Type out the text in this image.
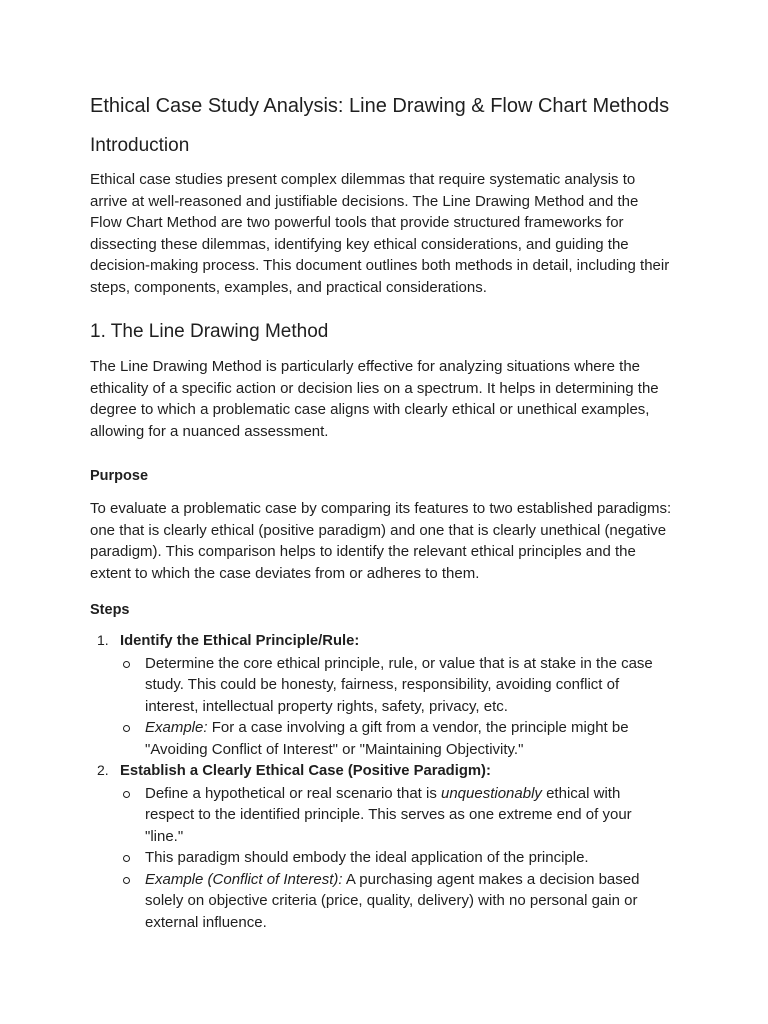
Ethical Case Study Analysis: Line Drawing & Flow Chart Methods
Introduction

Ethical case studies present complex dilemmas that require systematic analysis to arrive at well-reasoned and justifiable decisions. The Line Drawing Method and the Flow Chart Method are two powerful tools that provide structured frameworks for dissecting these dilemmas, identifying key ethical considerations, and guiding the decision-making process. This document outlines both methods in detail, including their steps, components, examples, and practical considerations.

1. The Line Drawing Method

The Line Drawing Method is particularly effective for analyzing situations where the ethicality of a specific action or decision lies on a spectrum. It helps in determining the degree to which a problematic case aligns with clearly ethical or unethical examples, allowing for a nuanced assessment.

Purpose

To evaluate a problematic case by comparing its features to two established paradigms: one that is clearly ethical (positive paradigm) and one that is clearly unethical (negative paradigm). This comparison helps to identify the relevant ethical principles and the extent to which the case deviates from or adheres to them.

Steps
1. Identify the Ethical Principle/Rule:
Determine the core ethical principle, rule, or value that is at stake in the case study. This could be honesty, fairness, responsibility, avoiding conflict of interest, intellectual property rights, safety, privacy, etc.
Example: For a case involving a gift from a vendor, the principle might be "Avoiding Conflict of Interest" or "Maintaining Objectivity."
2. Establish a Clearly Ethical Case (Positive Paradigm):
Define a hypothetical or real scenario that is unquestionably ethical with respect to the identified principle. This serves as one extreme end of your "line."
This paradigm should embody the ideal application of the principle.
Example (Conflict of Interest): A purchasing agent makes a decision based solely on objective criteria (price, quality, delivery) with no personal gain or external influence.
